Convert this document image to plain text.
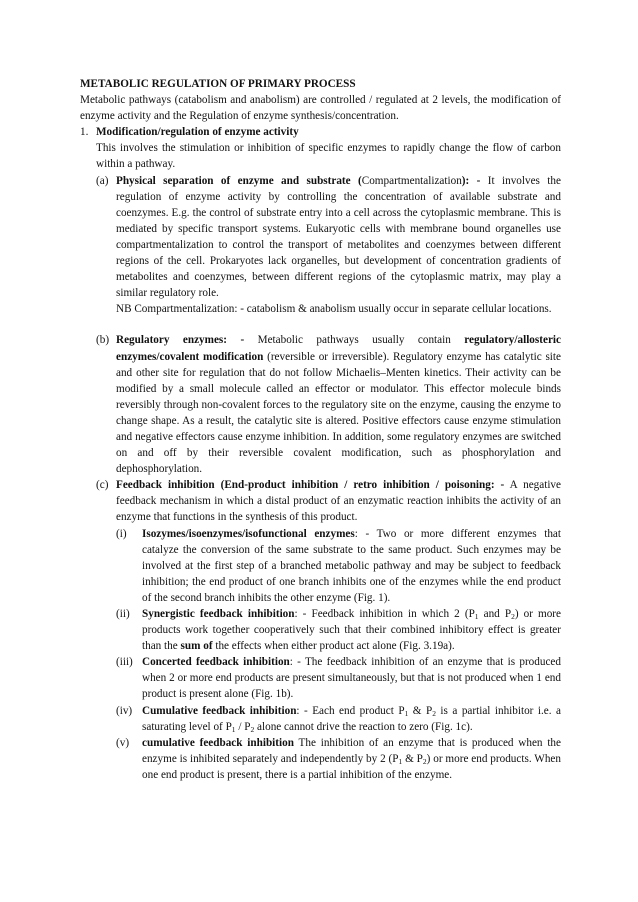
METABOLIC REGULATION OF PRIMARY PROCESS

Metabolic pathways (catabolism and anabolism) are controlled / regulated at 2 levels, the modification of enzyme activity and the Regulation of enzyme synthesis/concentration.

1. Modification/regulation of enzyme activity

This involves the stimulation or inhibition of specific enzymes to rapidly change the flow of carbon within a pathway.

(a) Physical separation of enzyme and substrate (Compartmentalization): - It involves the regulation of enzyme activity by controlling the concentration of available substrate and coenzymes. E.g. the control of substrate entry into a cell across the cytoplasmic membrane. This is mediated by specific transport systems. Eukaryotic cells with membrane bound organelles use compartmentalization to control the transport of metabolites and coenzymes between different regions of the cell. Prokaryotes lack organelles, but development of concentration gradients of metabolites and coenzymes, between different regions of the cytoplasmic matrix, may play a similar regulatory role.

NB Compartmentalization: - catabolism & anabolism usually occur in separate cellular locations.

(b) Regulatory enzymes: - Metabolic pathways usually contain regulatory/allosteric enzymes/covalent modification (reversible or irreversible). Regulatory enzyme has catalytic site and other site for regulation that do not follow Michaelis–Menten kinetics. Their activity can be modified by a small molecule called an effector or modulator. This effector molecule binds reversibly through non-covalent forces to the regulatory site on the enzyme, causing the enzyme to change shape. As a result, the catalytic site is altered. Positive effectors cause enzyme stimulation and negative effectors cause enzyme inhibition. In addition, some regulatory enzymes are switched on and off by their reversible covalent modification, such as phosphorylation and dephosphorylation.

(c) Feedback inhibition (End-product inhibition / retro inhibition / poisoning: - A negative feedback mechanism in which a distal product of an enzymatic reaction inhibits the activity of an enzyme that functions in the synthesis of this product.

(i)	Isozymes/isoenzymes/isofunctional enzymes: - Two or more different enzymes that catalyze the conversion of the same substrate to the same product. Such enzymes may be involved at the first step of a branched metabolic pathway and may be subject to feedback inhibition; the end product of one branch inhibits one of the enzymes while the end product of the second branch inhibits the other enzyme (Fig. 1).

(ii)	Synergistic feedback inhibition: - Feedback inhibition in which 2 ($P_1$ and $P_2$) or more products work together cooperatively such that their combined inhibitory effect is greater than the sum of the effects when either product act alone (Fig. 3.19a).

(iii) Concerted feedback inhibition: - The feedback inhibition of an enzyme that is produced when 2 or more end products are present simultaneously, but that is not produced when 1 end product is present alone (Fig. 1b).

(iv) Cumulative feedback inhibition: - Each end product $P_1$ & $P_2$ is a partial inhibitor i.e. a saturating level of $P_1 / P_2$ alone cannot drive the reaction to zero (Fig. 1c).

(v)	cumulative feedback inhibition The inhibition of an enzyme that is produced when the enzyme is inhibited separately and independently by 2 ($P_1$ & $P_2$) or more end products. When one end product is present, there is a partial inhibition of the enzyme.
